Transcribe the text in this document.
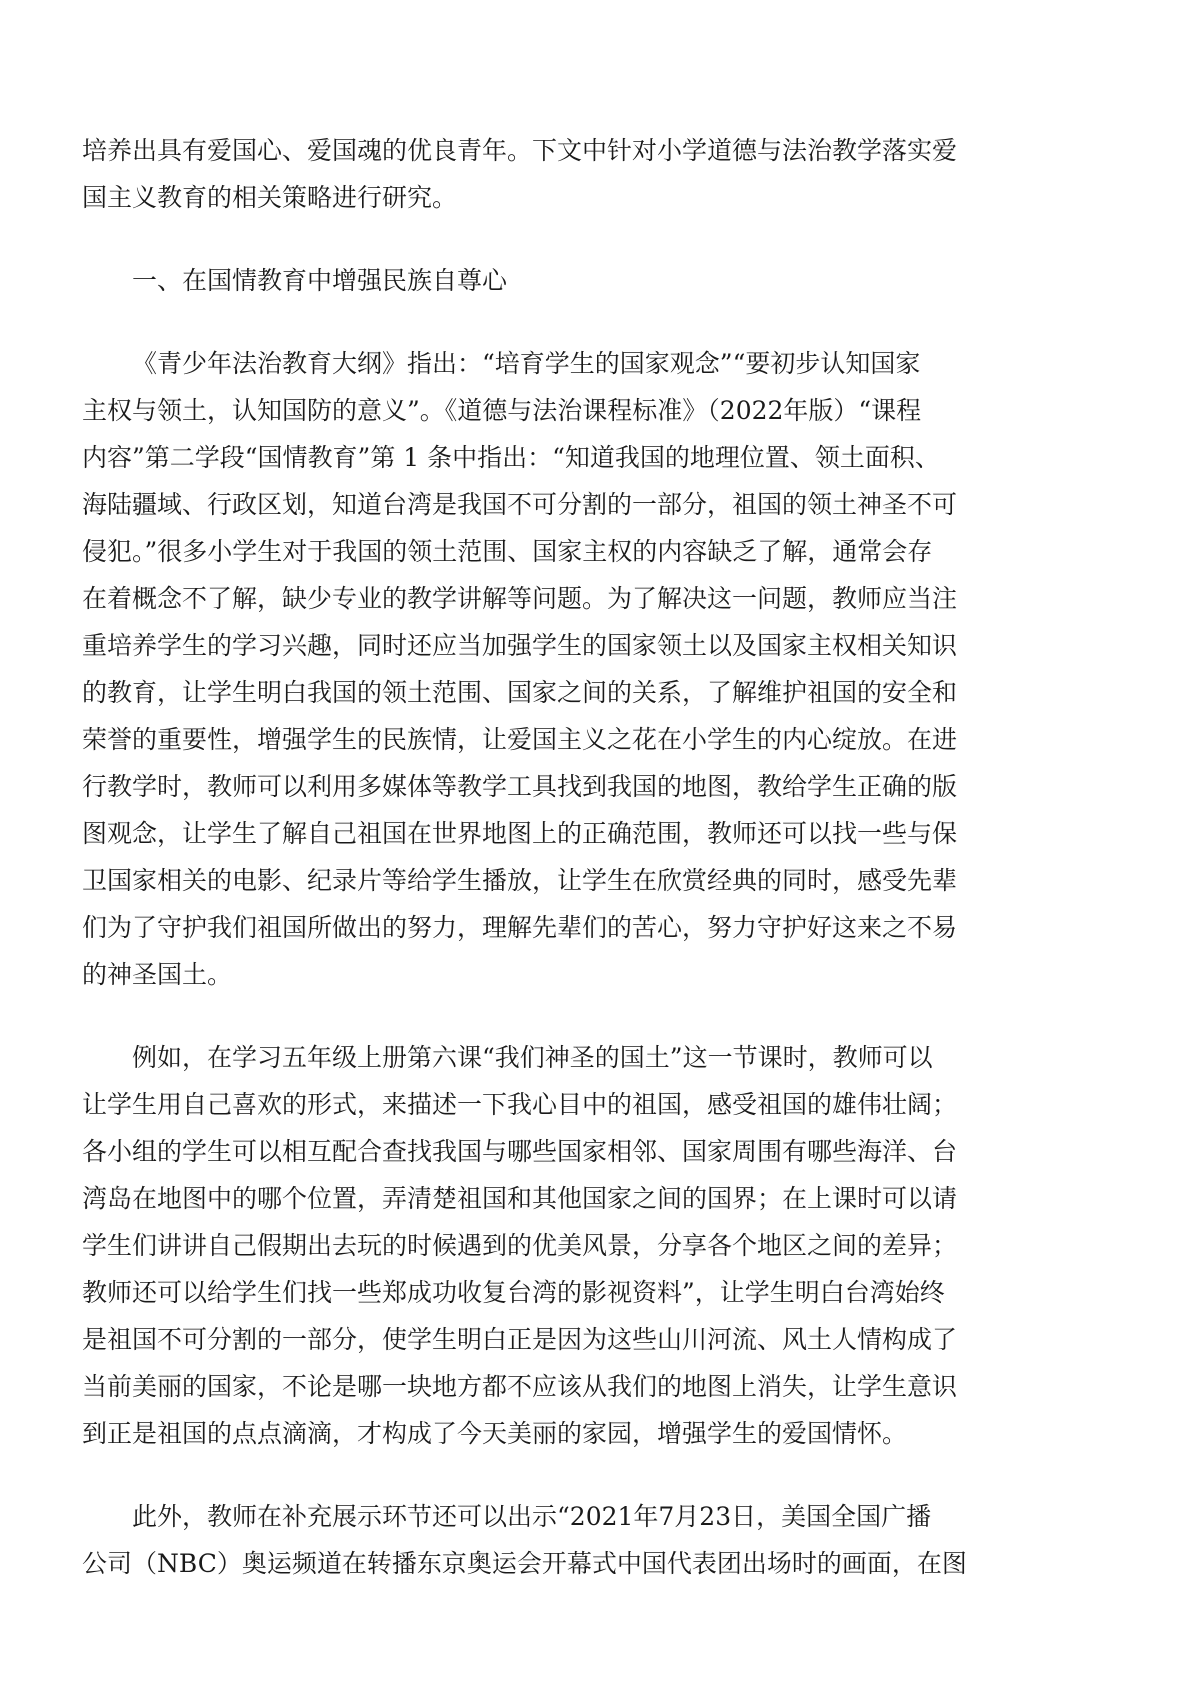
培养出具有爱国心、爱国魂的优良青年。下文中针对小学道德与法治教学落实爱
国主义教育的相关策略进行研究。
一、在国情教育中增强民族自尊心
《青少年法治教育大纲》指出：“培育学生的国家观念”“要初步认知国家
主权与领土，认知国防的意义”。《道德与法治课程标准》（2022年版）“课程
内容”第二学段“国情教育”第 1 条中指出：“知道我国的地理位置、领土面积、
海陆疆域、行政区划，知道台湾是我国不可分割的一部分，祖国的领土神圣不可
侵犯。”很多小学生对于我国的领土范围、国家主权的内容缺乏了解，通常会存
在着概念不了解，缺少专业的教学讲解等问题。为了解决这一问题，教师应当注
重培养学生的学习兴趣，同时还应当加强学生的国家领土以及国家主权相关知识
的教育，让学生明白我国的领土范围、国家之间的关系，了解维护祖国的安全和
荣誉的重要性，增强学生的民族情，让爱国主义之花在小学生的内心绽放。在进
行教学时，教师可以利用多媒体等教学工具找到我国的地图，教给学生正确的版
图观念，让学生了解自己祖国在世界地图上的正确范围，教师还可以找一些与保
卫国家相关的电影、纪录片等给学生播放，让学生在欣赏经典的同时，感受先辈
们为了守护我们祖国所做出的努力，理解先辈们的苦心，努力守护好这来之不易
的神圣国土。
例如，在学习五年级上册第六课“我们神圣的国土”这一节课时，教师可以
让学生用自己喜欢的形式，来描述一下我心目中的祖国，感受祖国的雄伟壮阔；
各小组的学生可以相互配合查找我国与哪些国家相邻、国家周围有哪些海洋、台
湾岛在地图中的哪个位置，弄清楚祖国和其他国家之间的国界；在上课时可以请
学生们讲讲自己假期出去玩的时候遇到的优美风景，分享各个地区之间的差异；
教师还可以给学生们找一些郑成功收复台湾的影视资料”，让学生明白台湾始终
是祖国不可分割的一部分，使学生明白正是因为这些山川河流、风土人情构成了
当前美丽的国家，不论是哪一块地方都不应该从我们的地图上消失，让学生意识
到正是祖国的点点滴滴，才构成了今天美丽的家园，增强学生的爱国情怀。
此外，教师在补充展示环节还可以出示“2021年7月23日，美国全国广播
公司（NBC）奥运频道在转播东京奥运会开幕式中国代表团出场时的画面，在图
